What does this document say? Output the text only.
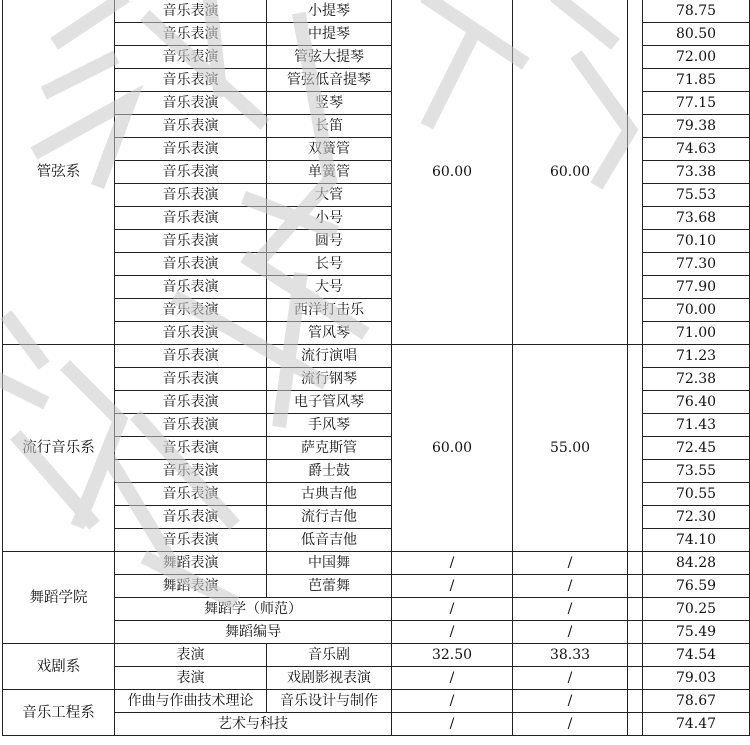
管弦系	音乐表演	小提琴	60.00	60.00		78.75
	音乐表演	中提琴				80.50
	音乐表演	管弦大提琴				72.00
	音乐表演	管弦低音提琴				71.85
	音乐表演	竖琴				77.15
	音乐表演	长笛				79.38
	音乐表演	双簧管				74.63
	音乐表演	单簧管				73.38
	音乐表演	大管				75.53
	音乐表演	小号				73.68
	音乐表演	圆号				70.10
	音乐表演	长号				77.30
	音乐表演	大号				77.90
	音乐表演	西洋打击乐				70.00
	音乐表演	管风琴				71.00
流行音乐系	音乐表演	流行演唱	60.00	55.00		71.23
	音乐表演	流行钢琴				72.38
	音乐表演	电子管风琴				76.40
	音乐表演	手风琴				71.43
	音乐表演	萨克斯管				72.45
	音乐表演	爵士鼓				73.55
	音乐表演	古典吉他				70.55
	音乐表演	流行吉他				72.30
	音乐表演	低音吉他				74.10
舞蹈学院	舞蹈表演	中国舞	/	/		84.28
	舞蹈表演	芭蕾舞	/	/		76.59
	舞蹈学（师范）		/	/		70.25
	舞蹈编导		/	/		75.49
戏剧系	表演	音乐剧	32.50	38.33		74.54
	表演	戏剧影视表演	/	/		79.03
音乐工程系	作曲与作曲技术理论	音乐设计与制作	/	/		78.67
	艺术与科技		/	/		74.47
